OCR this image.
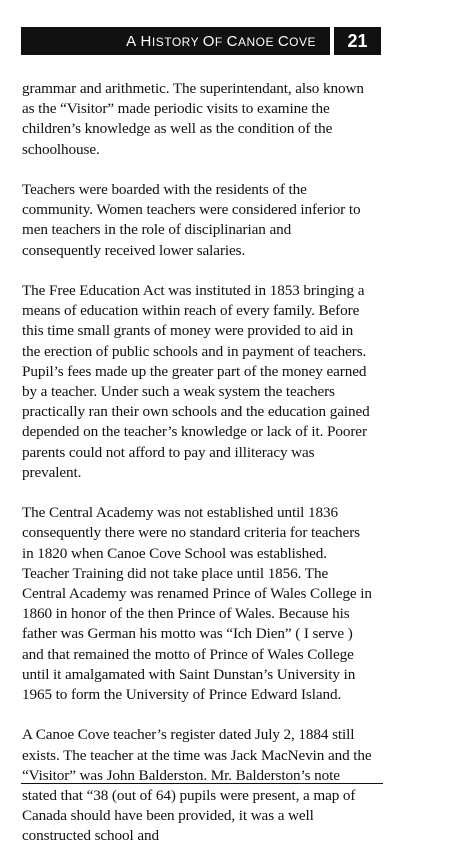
A HISTORY OF CANOE COVE	21

grammar and arithmetic. The superintendant, also known as the “Visitor” made periodic visits to examine the children’s knowledge as well as the condition of the schoolhouse.

Teachers were boarded with the residents of the community. Women teachers were considered inferior to men teachers in the role of disciplinarian and consequently received lower salaries.

The Free Education Act was instituted in 1853 bringing a means of education within reach of every family. Before this time small grants of money were provided to aid in the erection of public schools and in payment of teachers. Pupil’s fees made up the greater part of the money earned by a teacher. Under such a weak system the teachers practically ran their own schools and the education gained depended on the teacher’s knowledge or lack of it. Poorer parents could not afford to pay and illiteracy was prevalent.

The Central Academy was not established until 1836 consequently there were no standard criteria for teachers in 1820 when Canoe Cove School was established. Teacher Training did not take place until 1856. The Central Academy was renamed Prince of Wales College in 1860 in honor of the then Prince of Wales. Because his father was German his motto was “Ich Dien” ( I serve ) and that remained the motto of Prince of Wales College until it amalgamated with Saint Dunstan’s University in 1965 to form the University of Prince Edward Island.

A Canoe Cove teacher’s register dated July 2, 1884 still exists. The teacher at the time was Jack MacNevin and the “Visitor” was John Balderston. Mr. Balderston’s note stated that “38 (out of 64) pupils were present, a map of Canada should have been provided, it was a well constructed school and
